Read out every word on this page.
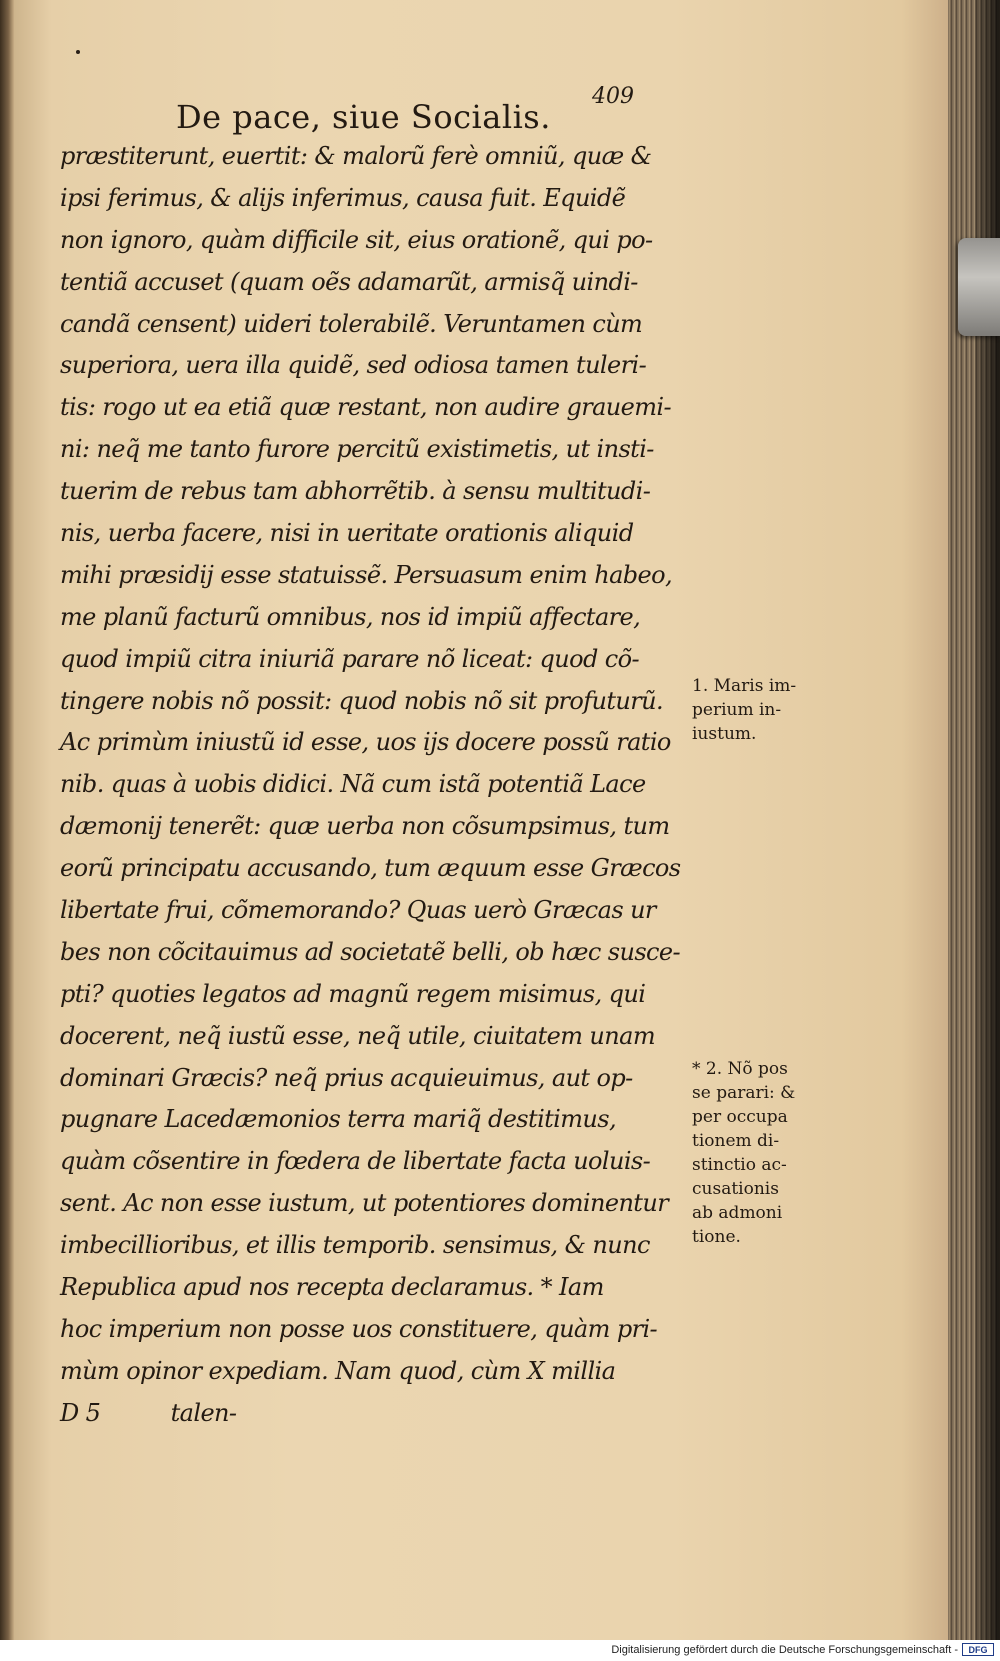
De pace, siue Socialis.
409
præstiterunt, euertit: & malorũ ferè omniũ, quæ &
ipsi ferimus, & alijs inferimus, causa fuit. Equidẽ
non ignoro, quàm difficile sit, eius orationẽ, qui po-
tentiã accuset (quam oẽs adamarũt, armisq̃ uindi-
candã censent) uideri tolerabilẽ. Veruntamen cùm
superiora, uera illa quidẽ, sed odiosa tamen tuleri-
tis: rogo ut ea etiã quæ restant, non audire grauemi-
ni: neq̃ me tanto furore percitũ existimetis, ut insti-
tuerim de rebus tam abhorrẽtib. à sensu multitudi-
nis, uerba facere, nisi in ueritate orationis aliquid
mihi præsidij esse statuissẽ. Persuasum enim habeo,
me planũ facturũ omnibus, nos id impiũ affectare,
quod impiũ citra iniuriã parare nõ liceat: quod cõ-
tingere nobis nõ possit: quod nobis nõ sit profuturũ.
Ac primùm iniustũ id esse, uos ijs docere possũ ratio
nib. quas à uobis didici. Nã cum istã potentiã Lace
dæmonij tenerẽt: quæ uerba non cõsumpsimus, tum
eorũ principatu accusando, tum æquum esse Græcos
libertate frui, cõmemorando? Quas uerò Græcas ur
bes non cõcitauimus ad societatẽ belli, ob hæc susce-
pti? quoties legatos ad magnũ regem misimus, qui
docerent, neq̃ iustũ esse, neq̃ utile, ciuitatem unam
dominari Græcis? neq̃ prius acquieuimus, aut op-
pugnare Lacedæmonios terra mariq̃ destitimus,
quàm cõsentire in fœdera de libertate facta uoluis-
sent. Ac non esse iustum, ut potentiores dominentur
imbecillioribus, et illis temporib. sensimus, & nunc
Republica apud nos recepta declaramus. * Iam
hoc imperium non posse uos constituere, quàm pri-
mùm opinor expediam. Nam quod, cùm X millia
D 5          talen-
1. Maris im-
perium in-
iustum.
* 2. Nõ pos
se parari: &
per occupa
tionem di-
stinctio ac-
cusationis
ab admoni
tione.
Digitalisierung gefördert durch die Deutsche Forschungsgemeinschaft -	DFG
